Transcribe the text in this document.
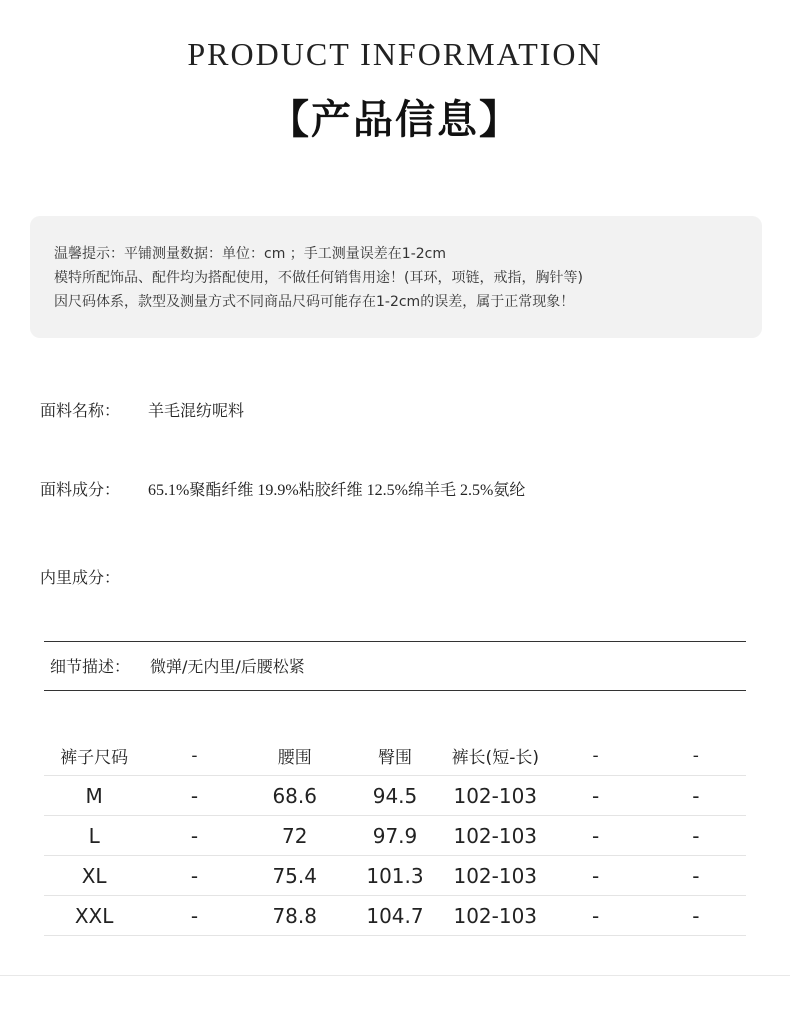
PRODUCT INFORMATION
【产品信息】
温馨提示：平铺测量数据：单位：cm ；手工测量误差在1-2cm
模特所配饰品、配件均为搭配使用，不做任何销售用途！(耳环，项链，戒指，胸针等)
因尺码体系，款型及测量方式不同商品尺码可能存在1-2cm的误差，属于正常现象！
面料名称： 羊毛混纺呢料
面料成分： 65.1%聚酯纤维 19.9%粘胶纤维 12.5%绵羊毛 2.5%氨纶
内里成分：
细节描述： 微弹/无内里/后腰松紧
裤子尺码	-	腰围	臀围	裤长(短-长)	-	-
M	-	68.6	94.5	102-103	-	-
L	-	72	97.9	102-103	-	-
XL	-	75.4	101.3	102-103	-	-
XXL	-	78.8	104.7	102-103	-	-
